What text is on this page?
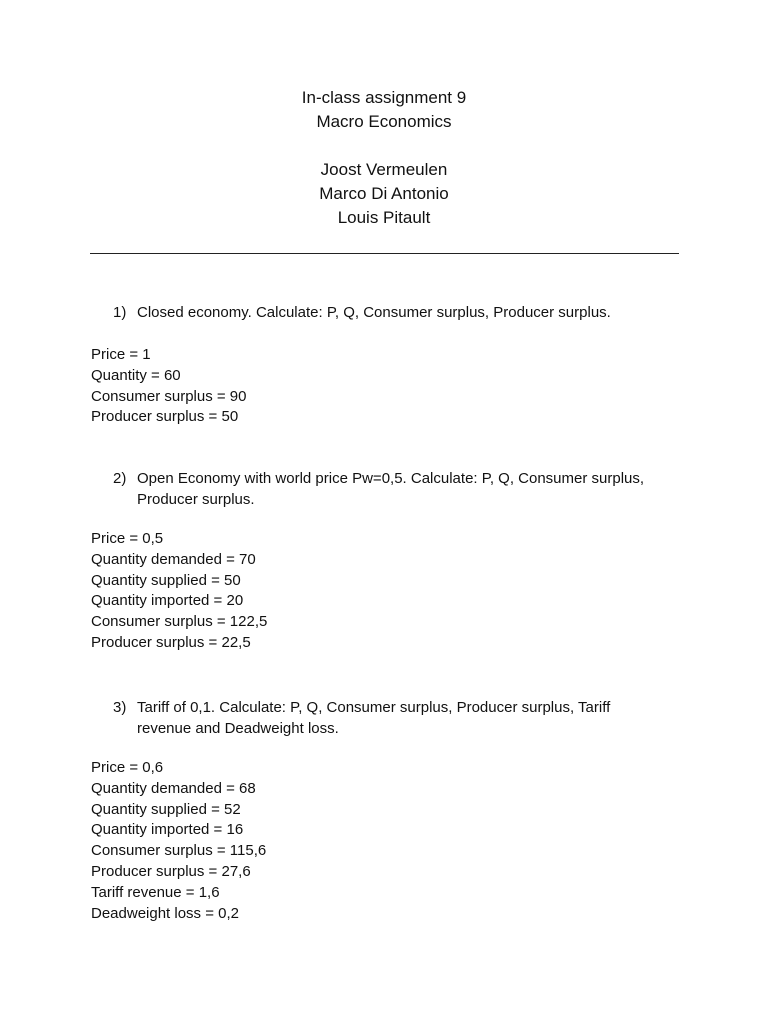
In-class assignment 9
Macro Economics
Joost Vermeulen
Marco Di Antonio
Louis Pitault
1) Closed economy. Calculate: P, Q, Consumer surplus, Producer surplus.
Price = 1
Quantity = 60
Consumer surplus = 90
Producer surplus = 50
2) Open Economy with world price Pw=0,5. Calculate: P, Q, Consumer surplus, Producer surplus.
Price = 0,5
Quantity demanded = 70
Quantity supplied = 50
Quantity imported = 20
Consumer surplus = 122,5
Producer surplus = 22,5
3) Tariff of 0,1. Calculate: P, Q, Consumer surplus, Producer surplus, Tariff revenue and Deadweight loss.
Price = 0,6
Quantity demanded = 68
Quantity supplied = 52
Quantity imported = 16
Consumer surplus = 115,6
Producer surplus = 27,6
Tariff revenue = 1,6
Deadweight loss = 0,2
